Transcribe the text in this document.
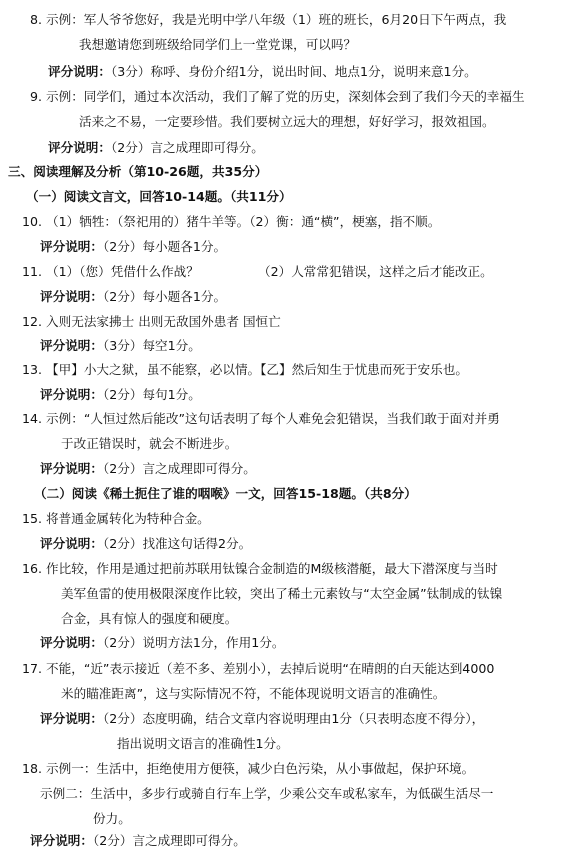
8. 示例：军人爷爷您好，我是光明中学八年级（1）班的班长，6月20日下午两点，我
我想邀请您到班级给同学们上一堂党课，可以吗？
评分说明：（3分）称呼、身份介绍1分，说出时间、地点1分，说明来意1分。
9. 示例：同学们，通过本次活动，我们了解了党的历史，深刻体会到了我们今天的幸福生
活来之不易，一定要珍惜。我们要树立远大的理想，好好学习，报效祖国。
评分说明：（2分）言之成理即可得分。
三、阅读理解及分析（第10-26题，共35分）
（一）阅读文言文，回答10-14题。（共11分）
10. （1）牺牲：（祭祀用的）猪牛羊等。（2）衡：通“横”，梗塞，指不顺。
评分说明：（2分）每小题各1分。
11. （1）（您）凭借什么作战？	（2）人常常犯错误，这样之后才能改正。
评分说明：（2分）每小题各1分。
12. 入则无法家拂士 出则无敌国外患者 国恒亡
评分说明：（3分）每空1分。
13. 【甲】小大之狱，虽不能察，必以情。【乙】然后知生于忧患而死于安乐也。
评分说明：（2分）每句1分。
14. 示例：“人恒过然后能改”这句话表明了每个人难免会犯错误，当我们敢于面对并勇
于改正错误时，就会不断进步。
评分说明：（2分）言之成理即可得分。
（二）阅读《稀土扼住了谁的咽喉》一文，回答15-18题。（共8分）
15. 将普通金属转化为特种合金。
评分说明：（2分）找准这句话得2分。
16. 作比较，作用是通过把前苏联用钛镍合金制造的M级核潜艇，最大下潜深度与当时
美军鱼雷的使用极限深度作比较，突出了稀土元素钕与“太空金属”钛制成的钛镍
合金，具有惊人的强度和硬度。
评分说明：（2分）说明方法1分，作用1分。
17. 不能，“近”表示接近（差不多、差别小），去掉后说明“在晴朗的白天能达到4000
米的瞄准距离”，这与实际情况不符，不能体现说明文语言的准确性。
评分说明：（2分）态度明确，结合文章内容说明理由1分（只表明态度不得分），
指出说明文语言的准确性1分。
18. 示例一：生活中，拒绝使用方便筷，减少白色污染，从小事做起，保护环境。
示例二：生活中，多步行或骑自行车上学，少乘公交车或私家车，为低碳生活尽一
份力。
评分说明：（2分）言之成理即可得分。
